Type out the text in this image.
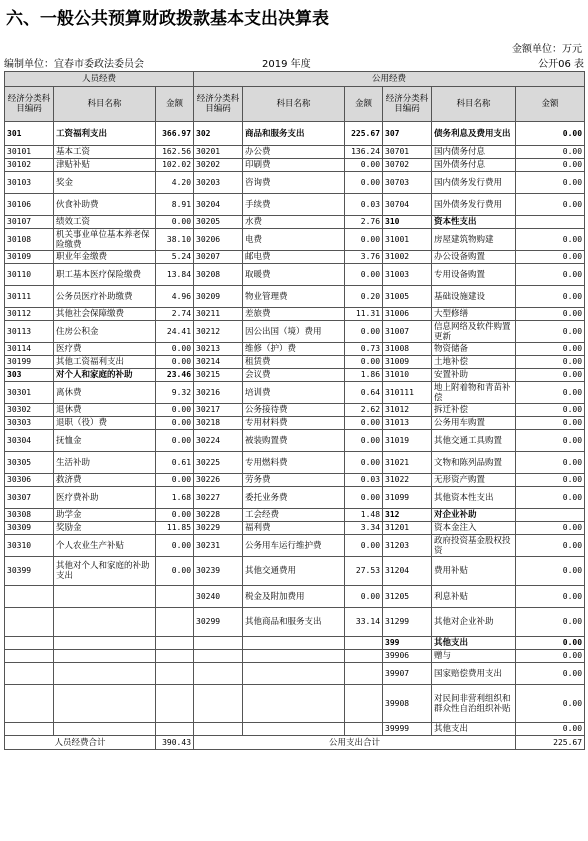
六、一般公共预算财政拨款基本支出决算表
金额单位：万元
编制单位：宜春市委政法委员会	2019 年度	公开06 表
人员经费			公用经费					
经济分类科目编码	科目名称	金额	经济分类科目编码	科目名称	金额	经济分类科目编码	科目名称	金额
301	工资福利支出	366.97	302	商品和服务支出	225.67	307	债务利息及费用支出	0.00
30101	基本工资	162.56	30201	办公费	136.24	30701	国内债务付息	0.00
30102	津贴补贴	102.02	30202	印刷费	0.00	30702	国外债务付息	0.00
30103	奖金	4.20	30203	咨询费	0.00	30703	国内债务发行费用	0.00
30106	伙食补助费	8.91	30204	手续费	0.03	30704	国外债务发行费用	0.00
30107	绩效工资	0.00	30205	水费	2.76	310	资本性支出	
30108	机关事业单位基本养老保险缴费	38.10	30206	电费	0.00	31001	房屋建筑物购建	0.00
30109	职业年金缴费	5.24	30207	邮电费	3.76	31002	办公设备购置	0.00
30110	职工基本医疗保险缴费	13.84	30208	取暖费	0.00	31003	专用设备购置	0.00
30111	公务员医疗补助缴费	4.96	30209	物业管理费	0.20	31005	基础设施建设	0.00
30112	其他社会保障缴费	2.74	30211	差旅费	11.31	31006	大型修缮	0.00
30113	住房公积金	24.41	30212	因公出国（境）费用	0.00	31007	信息网络及软件购置更新	0.00
30114	医疗费	0.00	30213	维修（护）费	0.73	31008	物资储备	0.00
30199	其他工资福利支出	0.00	30214	租赁费	0.00	31009	土地补偿	0.00
303	对个人和家庭的补助	23.46	30215	会议费	1.86	31010	安置补助	0.00
30301	离休费	9.32	30216	培训费	0.64	310111	地上附着物和青苗补偿	0.00
30302	退休费	0.00	30217	公务接待费	2.62	31012	拆迁补偿	0.00
30303	退职（役）费	0.00	30218	专用材料费	0.00	31013	公务用车购置	0.00
30304	抚恤金	0.00	30224	被装购置费	0.00	31019	其他交通工具购置	0.00
30305	生活补助	0.61	30225	专用燃料费	0.00	31021	文物和陈列品购置	0.00
30306	救济费	0.00	30226	劳务费	0.03	31022	无形资产购置	0.00
30307	医疗费补助	1.68	30227	委托业务费	0.00	31099	其他资本性支出	0.00
30308	助学金	0.00	30228	工会经费	1.48	312	对企业补助	
30309	奖励金	11.85	30229	福利费	3.34	31201	资本金注入	0.00
30310	个人农业生产补贴	0.00	30231	公务用车运行维护费	0.00	31203	政府投资基金股权投资	0.00
30399	其他对个人和家庭的补助支出	0.00	30239	其他交通费用	27.53	31204	费用补贴	0.00
			30240	税金及附加费用	0.00	31205	利息补贴	0.00
			30299	其他商品和服务支出	33.14	31299	其他对企业补助	0.00
						399	其他支出	0.00
						39906	赠与	0.00
						39907	国家赔偿费用支出	0.00
						39908	对民间非营利组织和群众性自治组织补贴	0.00
						39999	其他支出	0.00
人员经费合计		390.43	公用支出合计					225.67
